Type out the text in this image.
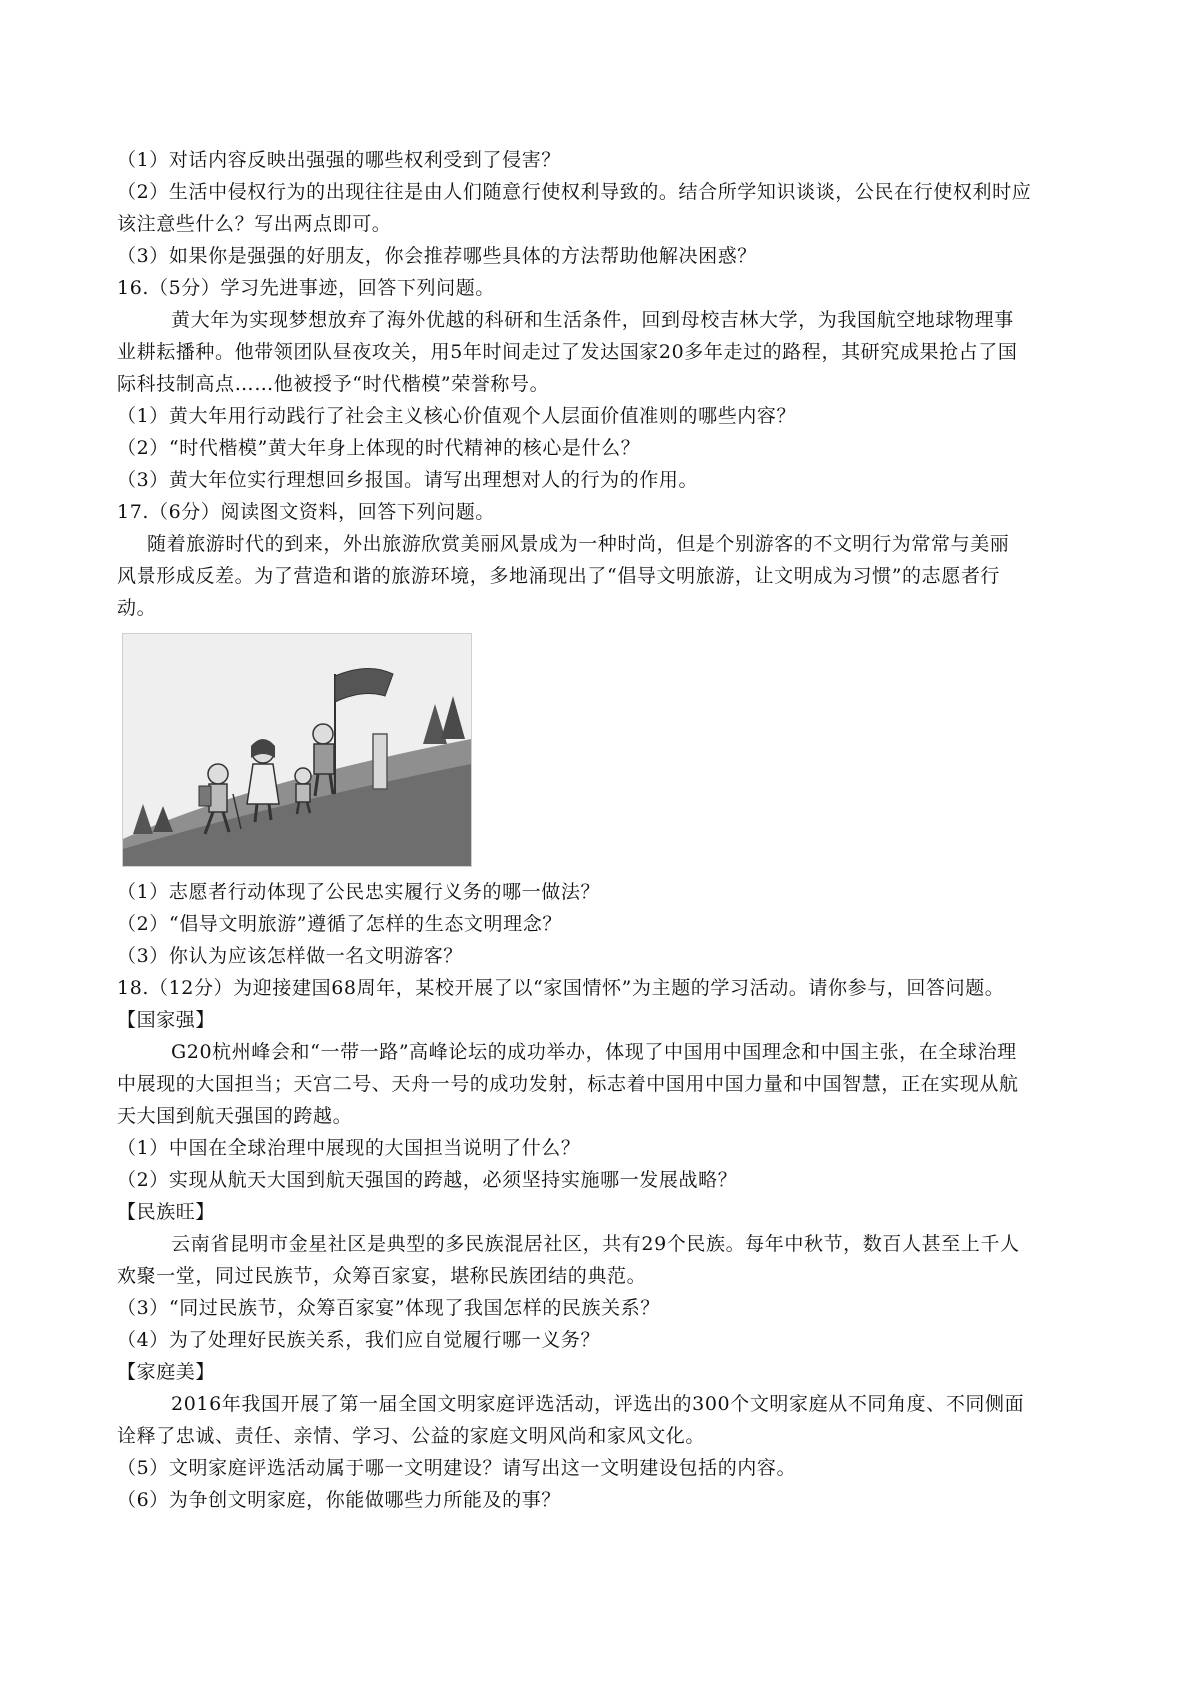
（1）对话内容反映出强强的哪些权利受到了侵害？
（2）生活中侵权行为的出现往往是由人们随意行使权利导致的。结合所学知识谈谈，公民在行使权利时应
该注意些什么？写出两点即可。
（3）如果你是强强的好朋友，你会推荐哪些具体的方法帮助他解决困惑？
16.（5分）学习先进事迹，回答下列问题。
黄大年为实现梦想放弃了海外优越的科研和生活条件，回到母校吉林大学，为我国航空地球物理事
业耕耘播种。他带领团队昼夜攻关，用5年时间走过了发达国家20多年走过的路程，其研究成果抢占了国
际科技制高点……他被授予“时代楷模”荣誉称号。
（1）黄大年用行动践行了社会主义核心价值观个人层面价值准则的哪些内容？
（2）“时代楷模”黄大年身上体现的时代精神的核心是什么？
（3）黄大年位实行理想回乡报国。请写出理想对人的行为的作用。
17.（6分）阅读图文资料，回答下列问题。
随着旅游时代的到来，外出旅游欣赏美丽风景成为一种时尚，但是个别游客的不文明行为常常与美丽
风景形成反差。为了营造和谐的旅游环境，多地涌现出了“倡导文明旅游，让文明成为习惯”的志愿者行
动。
（1）志愿者行动体现了公民忠实履行义务的哪一做法？
（2）“倡导文明旅游”遵循了怎样的生态文明理念？
（3）你认为应该怎样做一名文明游客？
18.（12分）为迎接建国68周年，某校开展了以“家国情怀”为主题的学习活动。请你参与，回答问题。
【国家强】
G20杭州峰会和“一带一路”高峰论坛的成功举办，体现了中国用中国理念和中国主张，在全球治理
中展现的大国担当；天宫二号、天舟一号的成功发射，标志着中国用中国力量和中国智慧，正在实现从航
天大国到航天强国的跨越。
（1）中国在全球治理中展现的大国担当说明了什么？
（2）实现从航天大国到航天强国的跨越，必须坚持实施哪一发展战略？
【民族旺】
云南省昆明市金星社区是典型的多民族混居社区，共有29个民族。每年中秋节，数百人甚至上千人
欢聚一堂，同过民族节，众筹百家宴，堪称民族团结的典范。
（3）“同过民族节，众筹百家宴”体现了我国怎样的民族关系？
（4）为了处理好民族关系，我们应自觉履行哪一义务？
【家庭美】
2016年我国开展了第一届全国文明家庭评选活动，评选出的300个文明家庭从不同角度、不同侧面
诠释了忠诚、责任、亲情、学习、公益的家庭文明风尚和家风文化。
（5）文明家庭评选活动属于哪一文明建设？请写出这一文明建设包括的内容。
（6）为争创文明家庭，你能做哪些力所能及的事？
